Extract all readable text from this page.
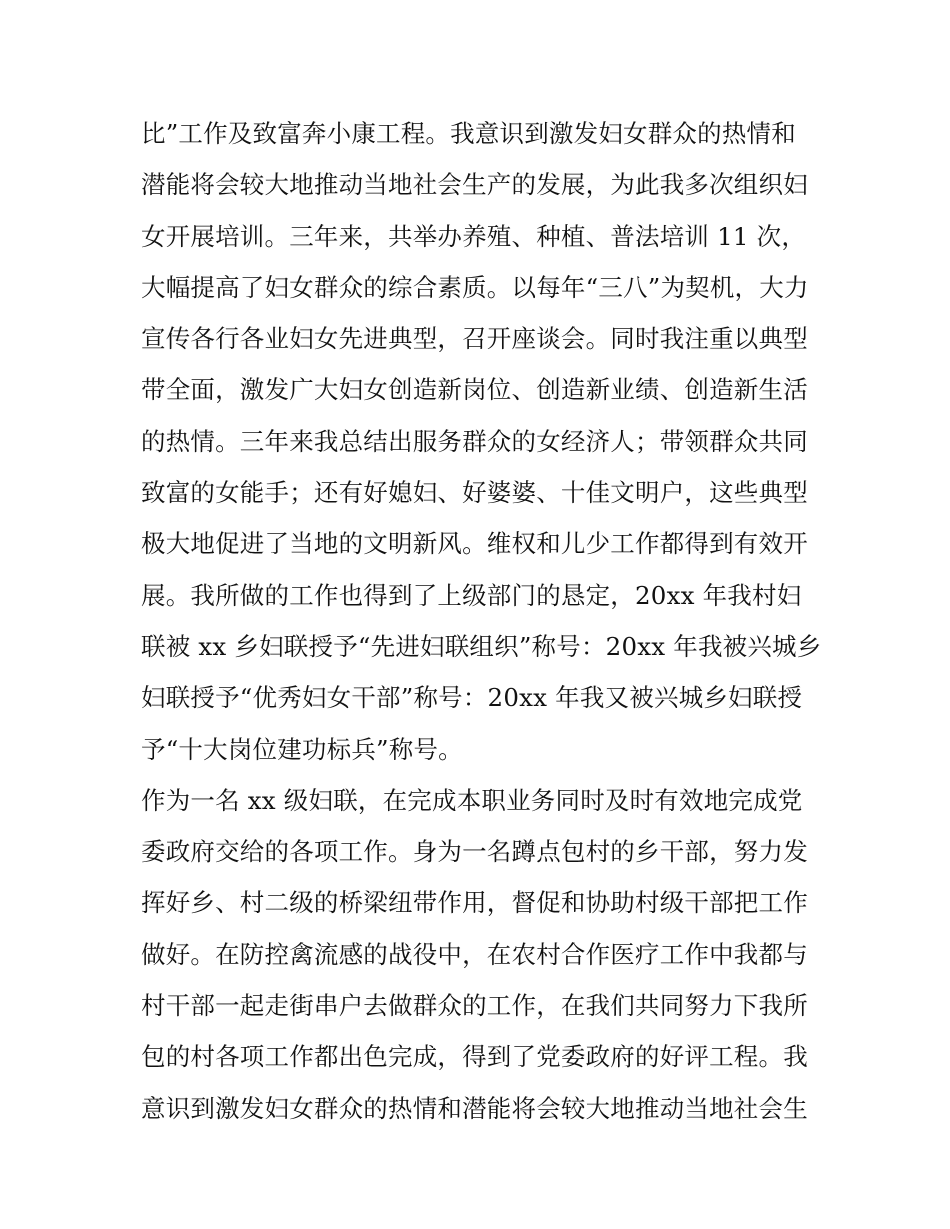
比”工作及致富奔小康工程。我意识到激发妇女群众的热情和
潜能将会较大地推动当地社会生产的发展，为此我多次组织妇
女开展培训。三年来，共举办养殖、种植、普法培训 11 次，
大幅提高了妇女群众的综合素质。以每年“三八”为契机，大力
宣传各行各业妇女先进典型，召开座谈会。同时我注重以典型
带全面，激发广大妇女创造新岗位、创造新业绩、创造新生活
的热情。三年来我总结出服务群众的女经济人；带领群众共同
致富的女能手；还有好媳妇、好婆婆、十佳文明户，这些典型
极大地促进了当地的文明新风。维权和儿少工作都得到有效开
展。我所做的工作也得到了上级部门的恳定，20xx 年我村妇
联被 xx 乡妇联授予“先进妇联组织”称号：20xx 年我被兴城乡
妇联授予“优秀妇女干部”称号：20xx 年我又被兴城乡妇联授
予“十大岗位建功标兵”称号。
作为一名 xx 级妇联，在完成本职业务同时及时有效地完成党
委政府交给的各项工作。身为一名蹲点包村的乡干部，努力发
挥好乡、村二级的桥梁纽带作用，督促和协助村级干部把工作
做好。在防控禽流感的战役中，在农村合作医疗工作中我都与
村干部一起走街串户去做群众的工作，在我们共同努力下我所
包的村各项工作都出色完成，得到了党委政府的好评工程。我
意识到激发妇女群众的热情和潜能将会较大地推动当地社会生
